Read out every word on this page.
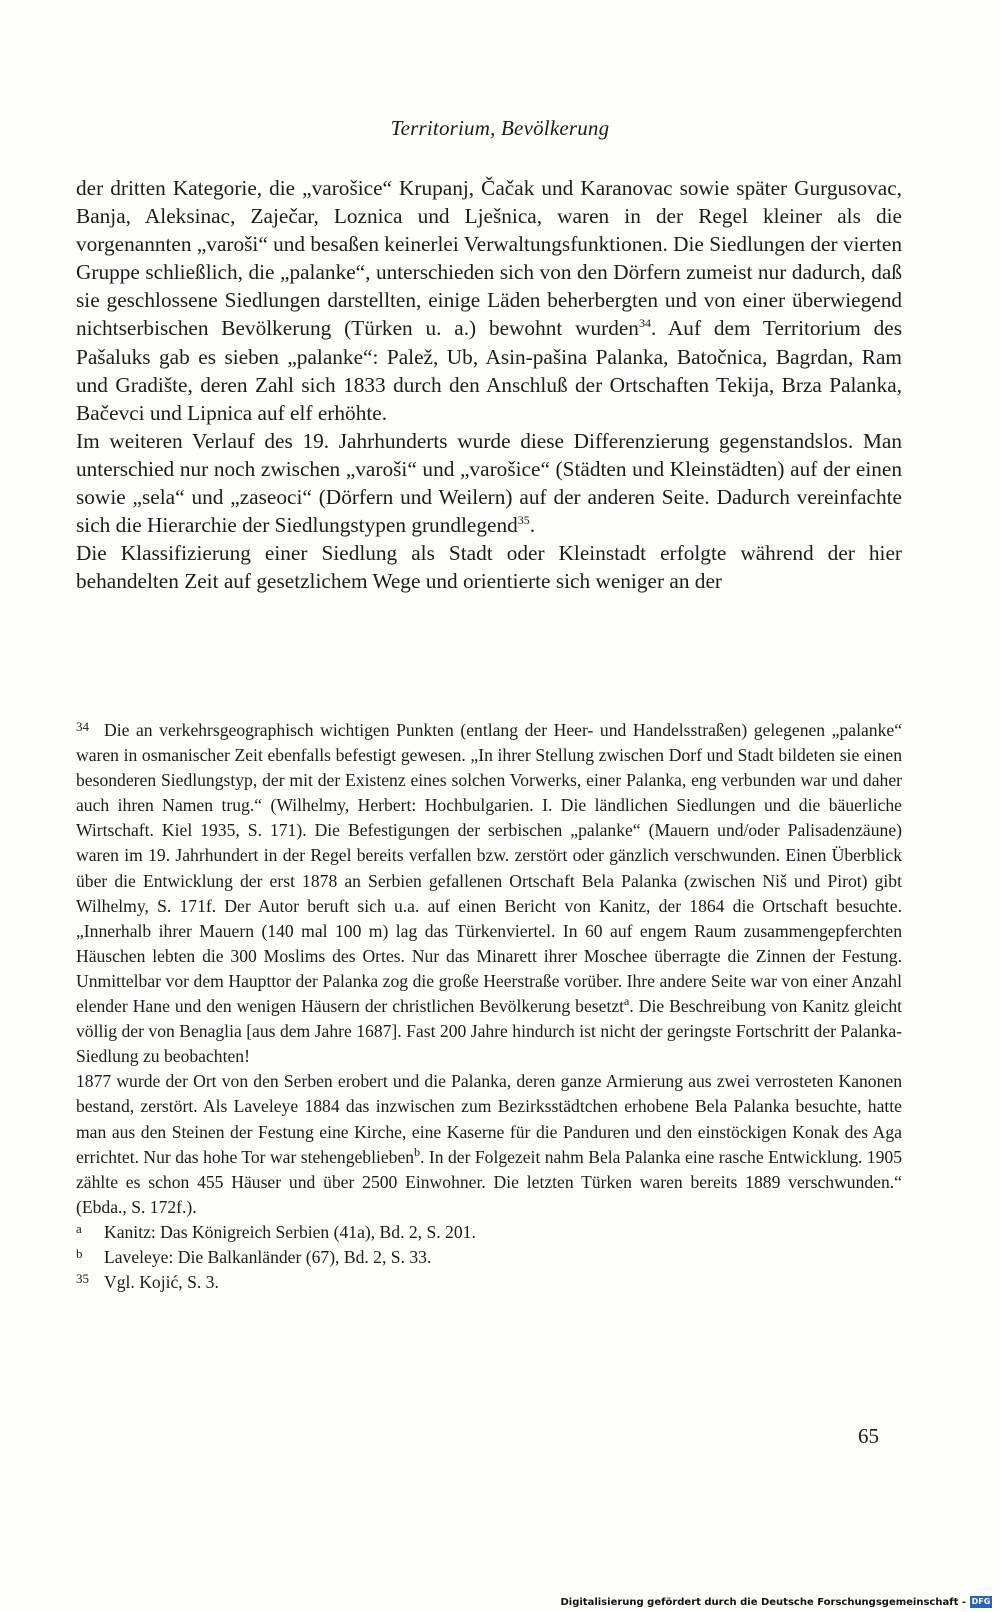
Territorium, Bevölkerung

der dritten Kategorie, die „varošice“ Krupanj, Čačak und Karanovac sowie später Gurgusovac, Banja, Aleksinac, Zaječar, Loznica und Lješnica, waren in der Regel kleiner als die vorgenannten „varoši“ und besaßen keinerlei Verwaltungsfunktionen. Die Siedlungen der vierten Gruppe schließlich, die „palanke“, unterschieden sich von den Dörfern zumeist nur dadurch, daß sie geschlossene Siedlungen darstellten, einige Läden beherbergten und von einer überwiegend nichtserbischen Bevölkerung (Türken u. a.) bewohnt wurden$^{34}$. Auf dem Territorium des Pašaluks gab es sieben „palanke“: Palež, Ub, Asin-pašina Palanka, Batočnica, Bagrdan, Ram und Gradište, deren Zahl sich 1833 durch den Anschluß der Ortschaften Tekija, Brza Palanka, Bačevci und Lipnica auf elf erhöhte.

Im weiteren Verlauf des 19. Jahrhunderts wurde diese Differenzierung gegenstandslos. Man unterschied nur noch zwischen „varoši“ und „varošice“ (Städten und Kleinstädten) auf der einen sowie „sela“ und „zaseoci“ (Dörfern und Weilern) auf der anderen Seite. Dadurch vereinfachte sich die Hierarchie der Siedlungstypen grundlegend$^{35}$.

Die Klassifizierung einer Siedlung als Stadt oder Kleinstadt erfolgte während der hier behandelten Zeit auf gesetzlichem Wege und orientierte sich weniger an der

34 Die an verkehrsgeographisch wichtigen Punkten (entlang der Heer- und Handelsstraßen) gelegenen „palanke“ waren in osmanischer Zeit ebenfalls befestigt gewesen. „In ihrer Stellung zwischen Dorf und Stadt bildeten sie einen besonderen Siedlungstyp, der mit der Existenz eines solchen Vorwerks, einer Palanka, eng verbunden war und daher auch ihren Namen trug.“ (Wilhelmy, Herbert: Hochbulgarien. I. Die ländlichen Siedlungen und die bäuerliche Wirtschaft. Kiel 1935, S. 171). Die Befestigungen der serbischen „palanke“ (Mauern und/oder Palisadenzäune) waren im 19. Jahrhundert in der Regel bereits verfallen bzw. zerstört oder gänzlich verschwunden. Einen Überblick über die Entwicklung der erst 1878 an Serbien gefallenen Ortschaft Bela Palanka (zwischen Niš und Pirot) gibt Wilhelmy, S. 171f. Der Autor beruft sich u.a. auf einen Bericht von Kanitz, der 1864 die Ortschaft besuchte. „Innerhalb ihrer Mauern (140 mal 100 m) lag das Türkenviertel. In 60 auf engem Raum zusammengepferchten Häuschen lebten die 300 Moslims des Ortes. Nur das Minarett ihrer Moschee überragte die Zinnen der Festung. Unmittelbar vor dem Haupttor der Palanka zog die große Heerstraße vorüber. Ihre andere Seite war von einer Anzahl elender Hane und den wenigen Häusern der christlichen Bevölkerung besetzt$^a$. Die Beschreibung von Kanitz gleicht völlig der von Benaglia [aus dem Jahre 1687]. Fast 200 Jahre hindurch ist nicht der geringste Fortschritt der Palanka-Siedlung zu beobachten!

1877 wurde der Ort von den Serben erobert und die Palanka, deren ganze Armierung aus zwei verrosteten Kanonen bestand, zerstört. Als Laveleye 1884 das inzwischen zum Bezirksstädtchen erhobene Bela Palanka besuchte, hatte man aus den Steinen der Festung eine Kirche, eine Kaserne für die Panduren und den einstöckigen Konak des Aga errichtet. Nur das hohe Tor war stehengeblieben$^b$. In der Folgezeit nahm Bela Palanka eine rasche Entwicklung. 1905 zählte es schon 455 Häuser und über 2500 Einwohner. Die letzten Türken waren bereits 1889 verschwunden.“ (Ebda., S. 172f.).

a Kanitz: Das Königreich Serbien (41a), Bd. 2, S. 201.

b Laveleye: Die Balkanländer (67), Bd. 2, S. 33.

35 Vgl. Kojić, S. 3.

65
Digitalisierung gefördert durch die Deutsche Forschungsgemeinschaft - DFG
